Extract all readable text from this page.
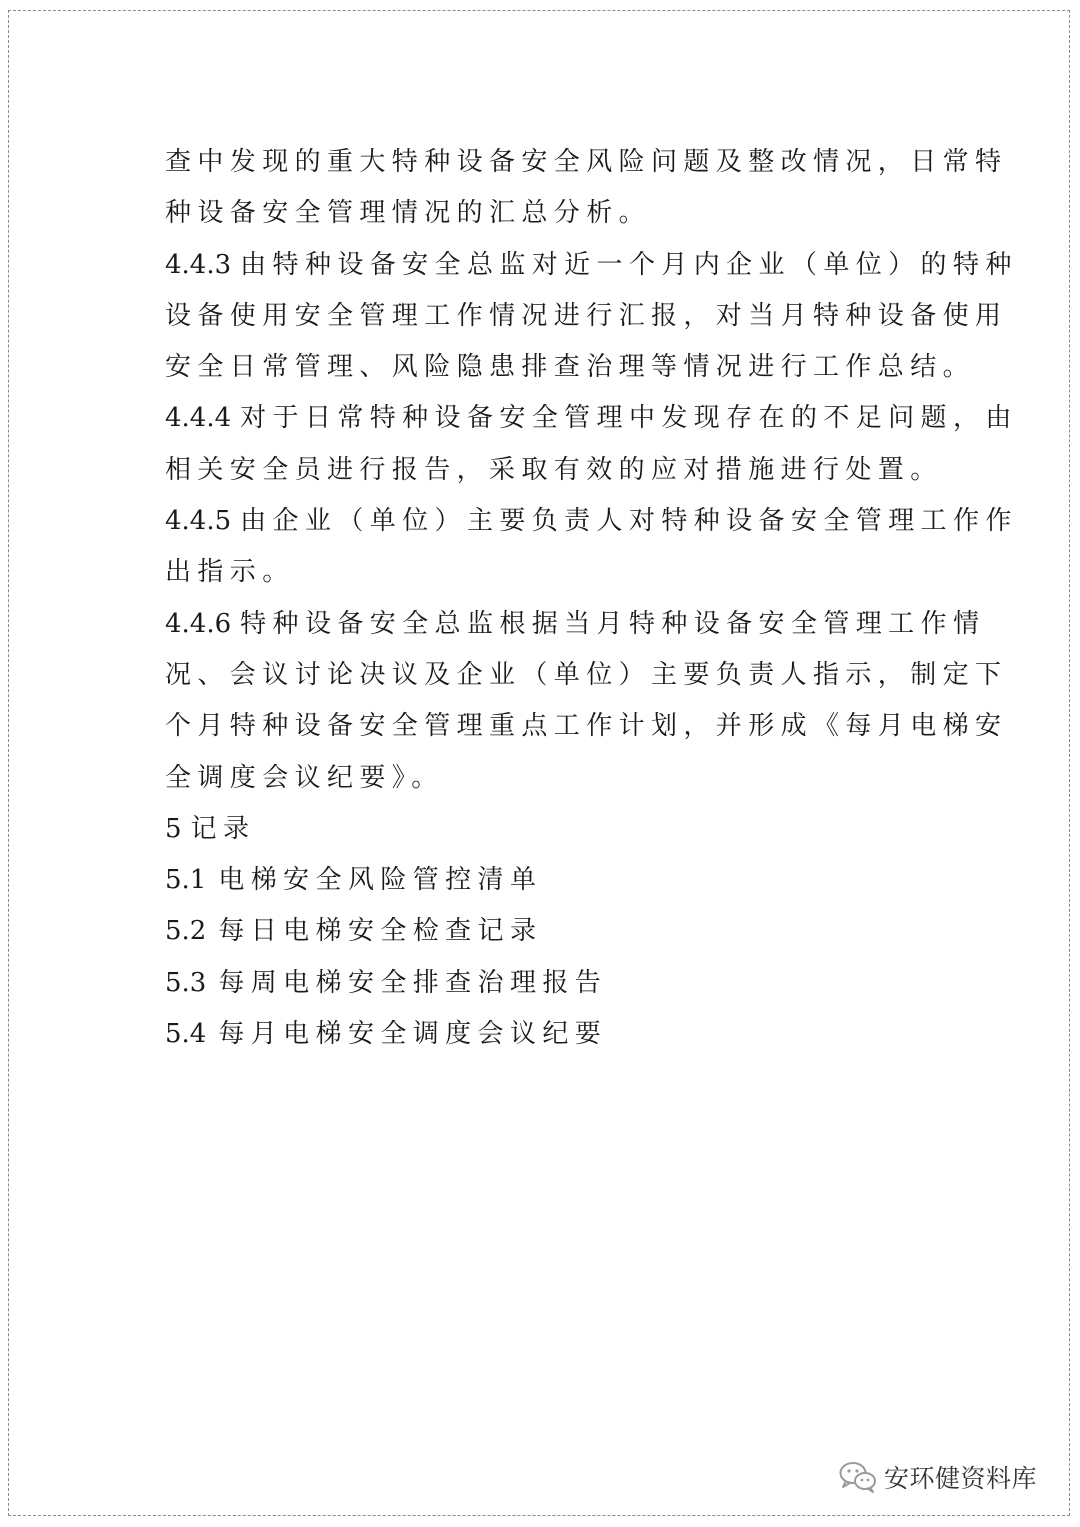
查中发现的重大特种设备安全风险问题及整改情况，日常特
种设备安全管理情况的汇总分析。
4.4.3 由特种设备安全总监对近一个月内企业（单位）的特种
设备使用安全管理工作情况进行汇报，对当月特种设备使用
安全日常管理、风险隐患排查治理等情况进行工作总结。
4.4.4 对于日常特种设备安全管理中发现存在的不足问题，由
相关安全员进行报告，采取有效的应对措施进行处置。
4.4.5 由企业（单位）主要负责人对特种设备安全管理工作作
出指示。
4.4.6 特种设备安全总监根据当月特种设备安全管理工作情
况、会议讨论决议及企业（单位）主要负责人指示，制定下
个月特种设备安全管理重点工作计划，并形成《每月电梯安
全调度会议纪要》。
5 记录
5.1 电梯安全风险管控清单
5.2 每日电梯安全检查记录
5.3 每周电梯安全排查治理报告
5.4 每月电梯安全调度会议纪要
安环健资料库
